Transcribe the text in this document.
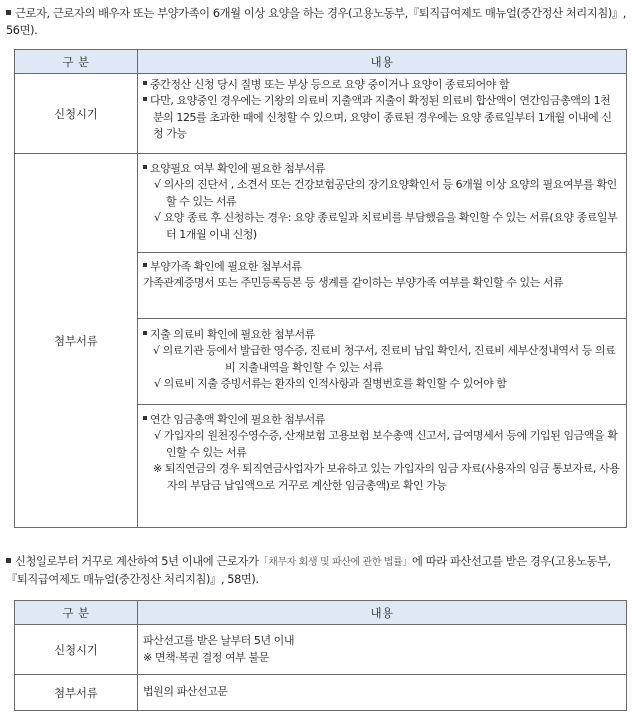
근로자, 근로자의 배우자 또는 부양가족이 6개월 이상 요양을 하는 경우(고용노동부,『퇴직급여제도 매뉴얼(중간정산 처리지침)』, 56면).
구 분	내용
신청시기	중간정산 신청 당시 질병 또는 부상 등으로 요양 중이거나 요양이 종료되어야 함
다만, 요양중인 경우에는 기왕의 의료비 지출액과 지출이 확정된 의료비 합산액이 연간임금총액의 1천분의 125를 초과한 때에 신청할 수 있으며, 요양이 종료된 경우에는 요양 종료일부터 1개월 이내에 신청 가능

첨부서류	요양필요 여부 확인에 필요한 첨부서류
√ 의사의 진단서 , 소견서 또는 건강보험공단의 장기요양확인서 등 6개월 이상 요양의 필요여부를 확인할 수 있는 서류
√ 요양 종료 후 신청하는 경우: 요양 종료일과 치료비를 부담했음을 확인할 수 있는 서류(요양 종료일부터 1개월 이내 신청)

	부양가족 확인에 필요한 첨부서류
가족관계증명서 또는 주민등록등본 등 생계를 같이하는 부양가족 여부를 확인할 수 있는 서류

	지출 의료비 확인에 필요한 첨부서류
√ 의료기관 등에서 발급한 영수증, 진료비 청구서, 진료비 납입 확인서, 진료비 세부산정내역서 등 의료비 지출내역을 확인할 수 있는 서류
√ 의료비 지출 증빙서류는 환자의 인적사항과 질병번호를 확인할 수 있어야 함

	연간 임금총액 확인에 필요한 첨부서류
√ 가입자의 원천징수영수증, 산재보험 고용보험 보수총액 신고서, 급여명세서 등에 기입된 임금액을 확인할 수 있는 서류
※ 퇴직연금의 경우 퇴직연금사업자가 보유하고 있는 가입자의 임금 자료(사용자의 임금 통보자료, 사용자의 부담금 납입액으로 거꾸로 계산한 임금총액)로 확인 가능
신청일로부터 거꾸로 계산하여 5년 이내에 근로자가「채무자 회생 및 파산에 관한 법률」에 따라 파산선고를 받은 경우(고용노동부,『퇴직급여제도 매뉴얼(중간정산 처리지침)』, 58면).
구 분	내용
신청시기	파산선고를 받은 날부터 5년 이내
※ 면책·복권 결정 여부 불문

첨부서류	법원의 파산선고문
